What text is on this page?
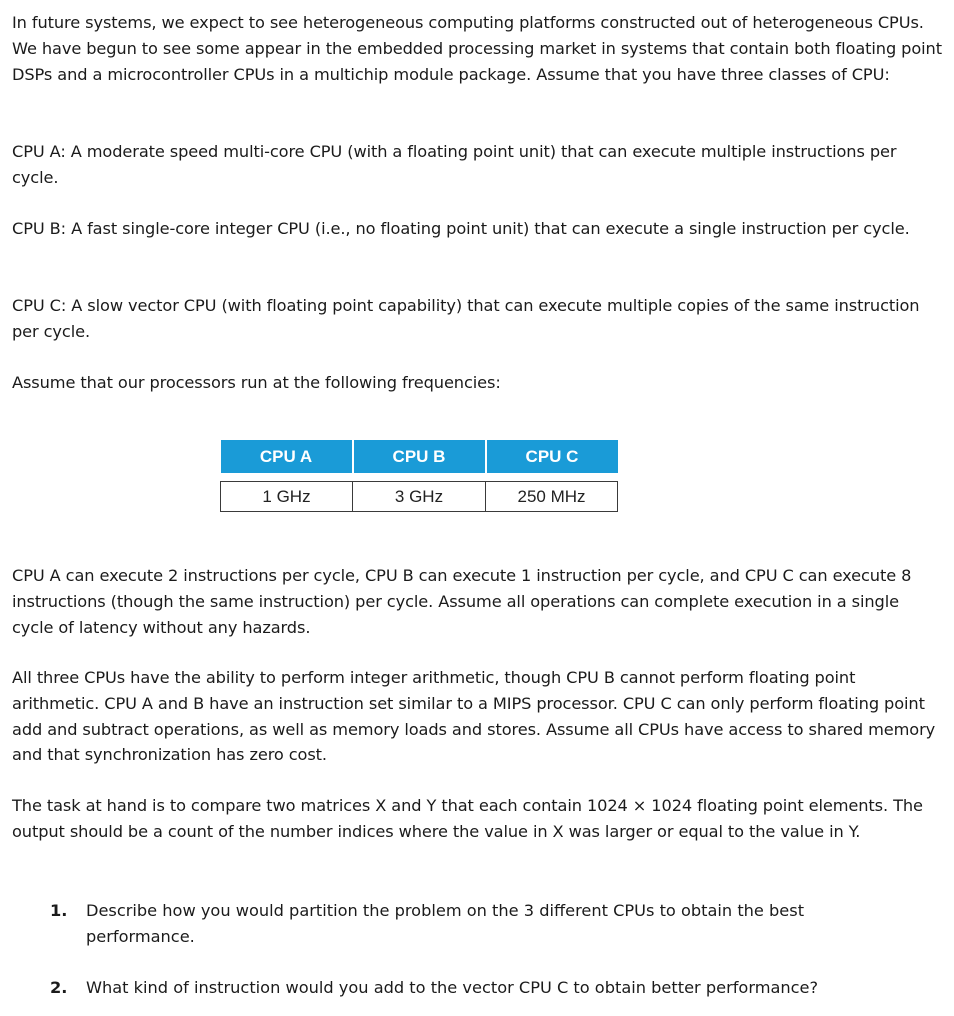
In future systems, we expect to see heterogeneous computing platforms constructed out of heterogeneous CPUs. We have begun to see some appear in the embedded processing market in systems that contain both floating point DSPs and a microcontroller CPUs in a multichip module package. Assume that you have three classes of CPU:

CPU A: A moderate speed multi-core CPU (with a floating point unit) that can execute multiple instructions per cycle.

CPU B: A fast single-core integer CPU (i.e., no floating point unit) that can execute a single instruction per cycle.

CPU C: A slow vector CPU (with floating point capability) that can execute multiple copies of the same instruction per cycle.

Assume that our processors run at the following frequencies:

CPU A	CPU B	CPU C

1 GHz	3 GHz	250 MHz

CPU A can execute 2 instructions per cycle, CPU B can execute 1 instruction per cycle, and CPU C can execute 8 instructions (though the same instruction) per cycle. Assume all operations can complete execution in a single cycle of latency without any hazards.

All three CPUs have the ability to perform integer arithmetic, though CPU B cannot perform floating point arithmetic. CPU A and B have an instruction set similar to a MIPS processor. CPU C can only perform floating point add and subtract operations, as well as memory loads and stores. Assume all CPUs have access to shared memory and that synchronization has zero cost.

The task at hand is to compare two matrices X and Y that each contain 1024 × 1024 floating point elements. The output should be a count of the number indices where the value in X was larger or equal to the value in Y.

1.	Describe how you would partition the problem on the 3 different CPUs to obtain the best performance.
2.	What kind of instruction would you add to the vector CPU C to obtain better performance?
